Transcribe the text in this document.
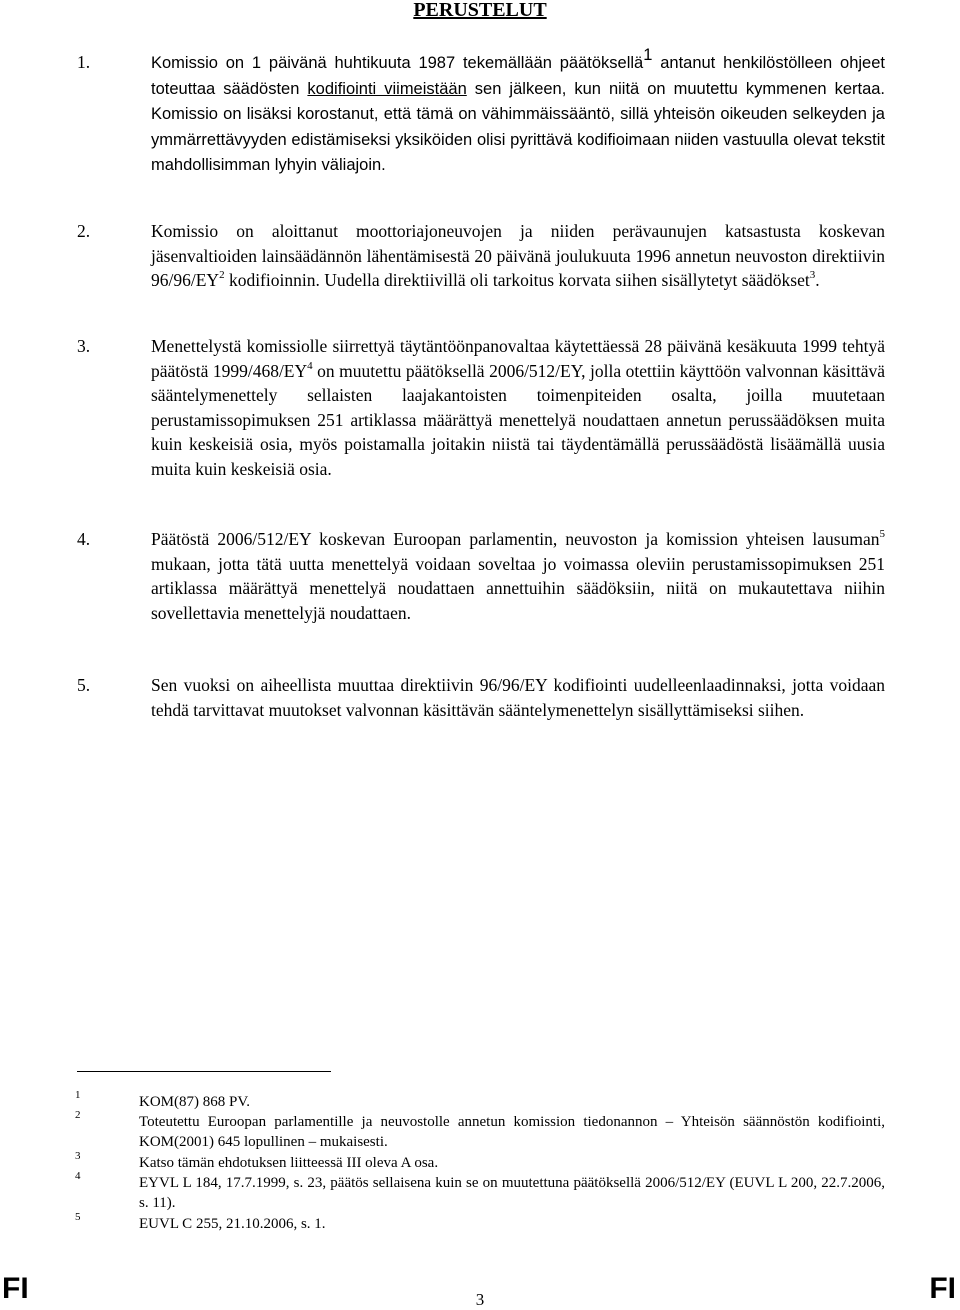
PERUSTELUT
1.	Komissio on 1 päivänä huhtikuuta 1987 tekemällään päätöksellä$^1$ antanut henkilöstölleen ohjeet toteuttaa säädösten kodifiointi viimeistään sen jälkeen, kun niitä on muutettu kymmenen kertaa. Komissio on lisäksi korostanut, että tämä on vähimmäissääntö, sillä yhteisön oikeuden selkeyden ja ymmärrettävyyden edistämiseksi yksiköiden olisi pyrittävä kodifioimaan niiden vastuulla olevat tekstit mahdollisimman lyhyin väliajoin.
2.	Komissio on aloittanut moottoriajoneuvojen ja niiden perävaunujen katsastusta koskevan jäsenvaltioiden lainsäädännön lähentämisestä 20 päivänä joulukuuta 1996 annetun neuvoston direktiivin $96/96/EY^2$ kodifioinnin. Uudella direktiivillä oli tarkoitus korvata siihen sisällytetyt säädökset$^3$.
3.	Menettelystä komissiolle siirrettyä täytäntöönpanovaltaa käytettäessä 28 päivänä kesäkuuta 1999 tehtyä päätöstä $1999/468/EY^4$ on muutettu päätöksellä 2006/512/EY, jolla otettiin käyttöön valvonnan käsittävä sääntelymenettely sellaisten laajakantoisten toimenpiteiden osalta, joilla muutetaan perustamissopimuksen 251 artiklassa määrättyä menettelyä noudattaen annetun perussäädöksen muita kuin keskeisiä osia, myös poistamalla joitakin niistä tai täydentämällä perussäädöstä lisäämällä uusia muita kuin keskeisiä osia.
4.	Päätöstä 2006/512/EY koskevan Euroopan parlamentin, neuvoston ja komission yhteisen lausuman$^5$ mukaan, jotta tätä uutta menettelyä voidaan soveltaa jo voimassa oleviin perustamissopimuksen 251 artiklassa määrättyä menettelyä noudattaen annettuihin säädöksiin, niitä on mukautettava niihin sovellettavia menettelyjä noudattaen.
5.	Sen vuoksi on aiheellista muuttaa direktiivin 96/96/EY kodifiointi uudelleenlaadinnaksi, jotta voidaan tehdä tarvittavat muutokset valvonnan käsittävän sääntelymenettelyn sisällyttämiseksi siihen.
1	KOM(87) 868 PV.
2	Toteutettu Euroopan parlamentille ja neuvostolle annetun komission tiedonannon – Yhteisön säännöstön kodifiointi, KOM(2001) 645 lopullinen – mukaisesti.
3	Katso tämän ehdotuksen liitteessä III oleva A osa.
4	EYVL L 184, 17.7.1999, s. 23, päätös sellaisena kuin se on muutettuna päätöksellä 2006/512/EY (EUVL L 200, 22.7.2006, s. 11).
5	EUVL C 255, 21.10.2006, s. 1.
FI	3	FI
